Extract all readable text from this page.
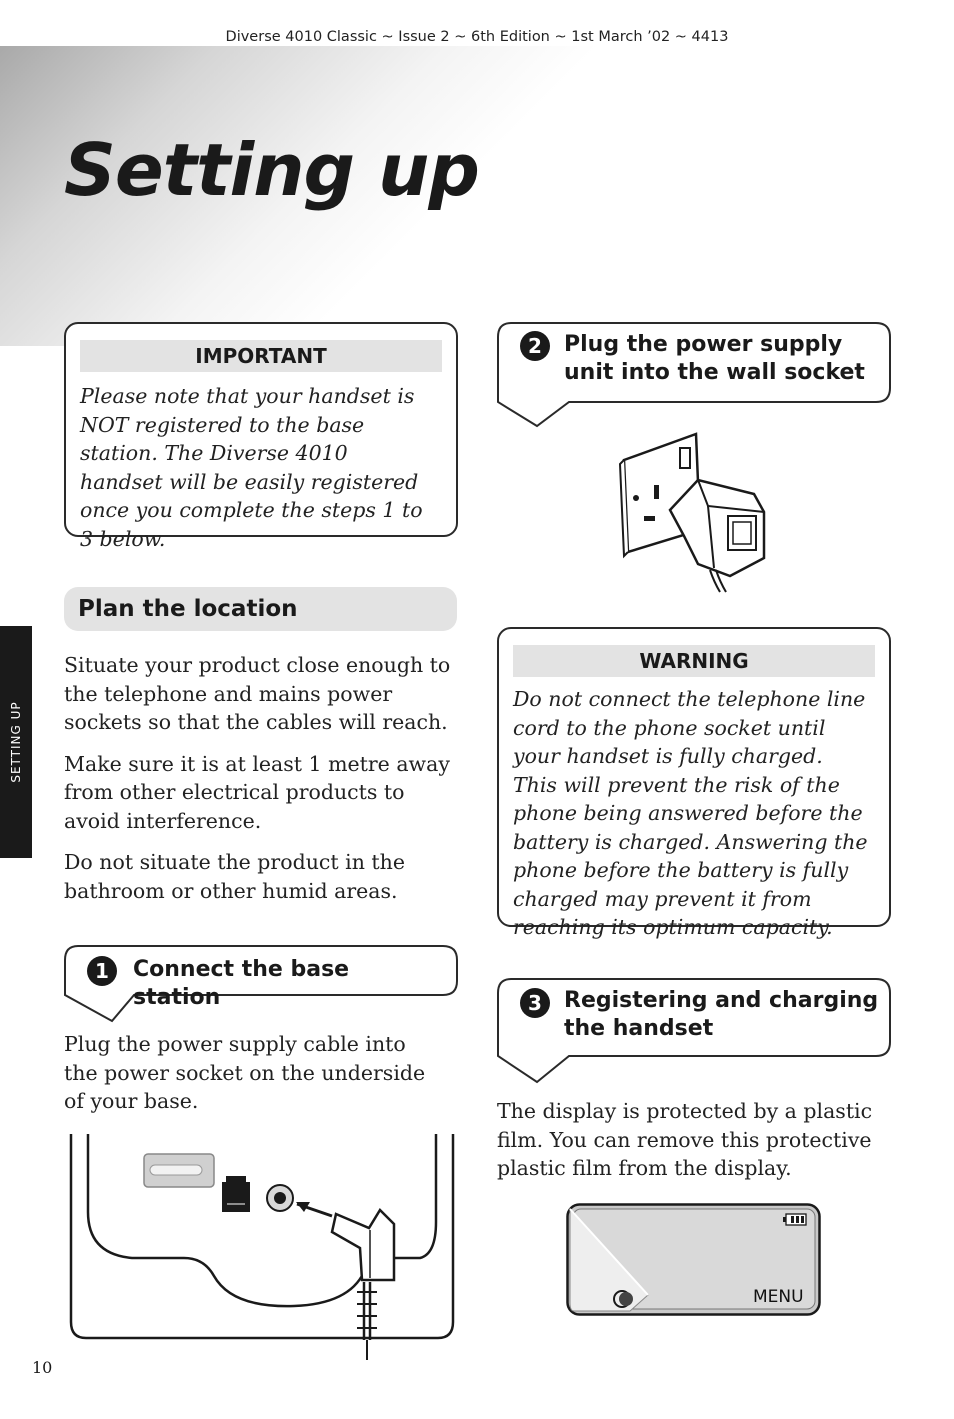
Diverse 4010 Classic ~ Issue 2 ~ 6th Edition ~ 1st March ’02 ~ 4413
Setting up
SETTING UP
IMPORTANT
Please note that your handset is NOT registered to the base station. The Diverse 4010 handset will be easily registered once you complete the steps 1 to 3 below.
Plan the location

Situate your product close enough to the telephone and mains power sockets so that the cables will reach.

Make sure it is at least 1 metre away from other electrical products to avoid interference.

Do not situate the product in the bathroom or other humid areas.

1	Connect the base station
Plug the power supply cable into the power socket on the underside of your base.
2	Plug the power supply unit into the wall socket
WARNING
Do not connect the telephone line cord to the phone socket until your handset is fully charged. This will prevent the risk of the phone being answered before the battery is charged. Answering the phone before the battery is fully charged may prevent it from reaching its optimum capacity.
3	Registering and charging the handset
The display is protected by a plastic film. You can remove this protective plastic film from the display.
MENU
10
